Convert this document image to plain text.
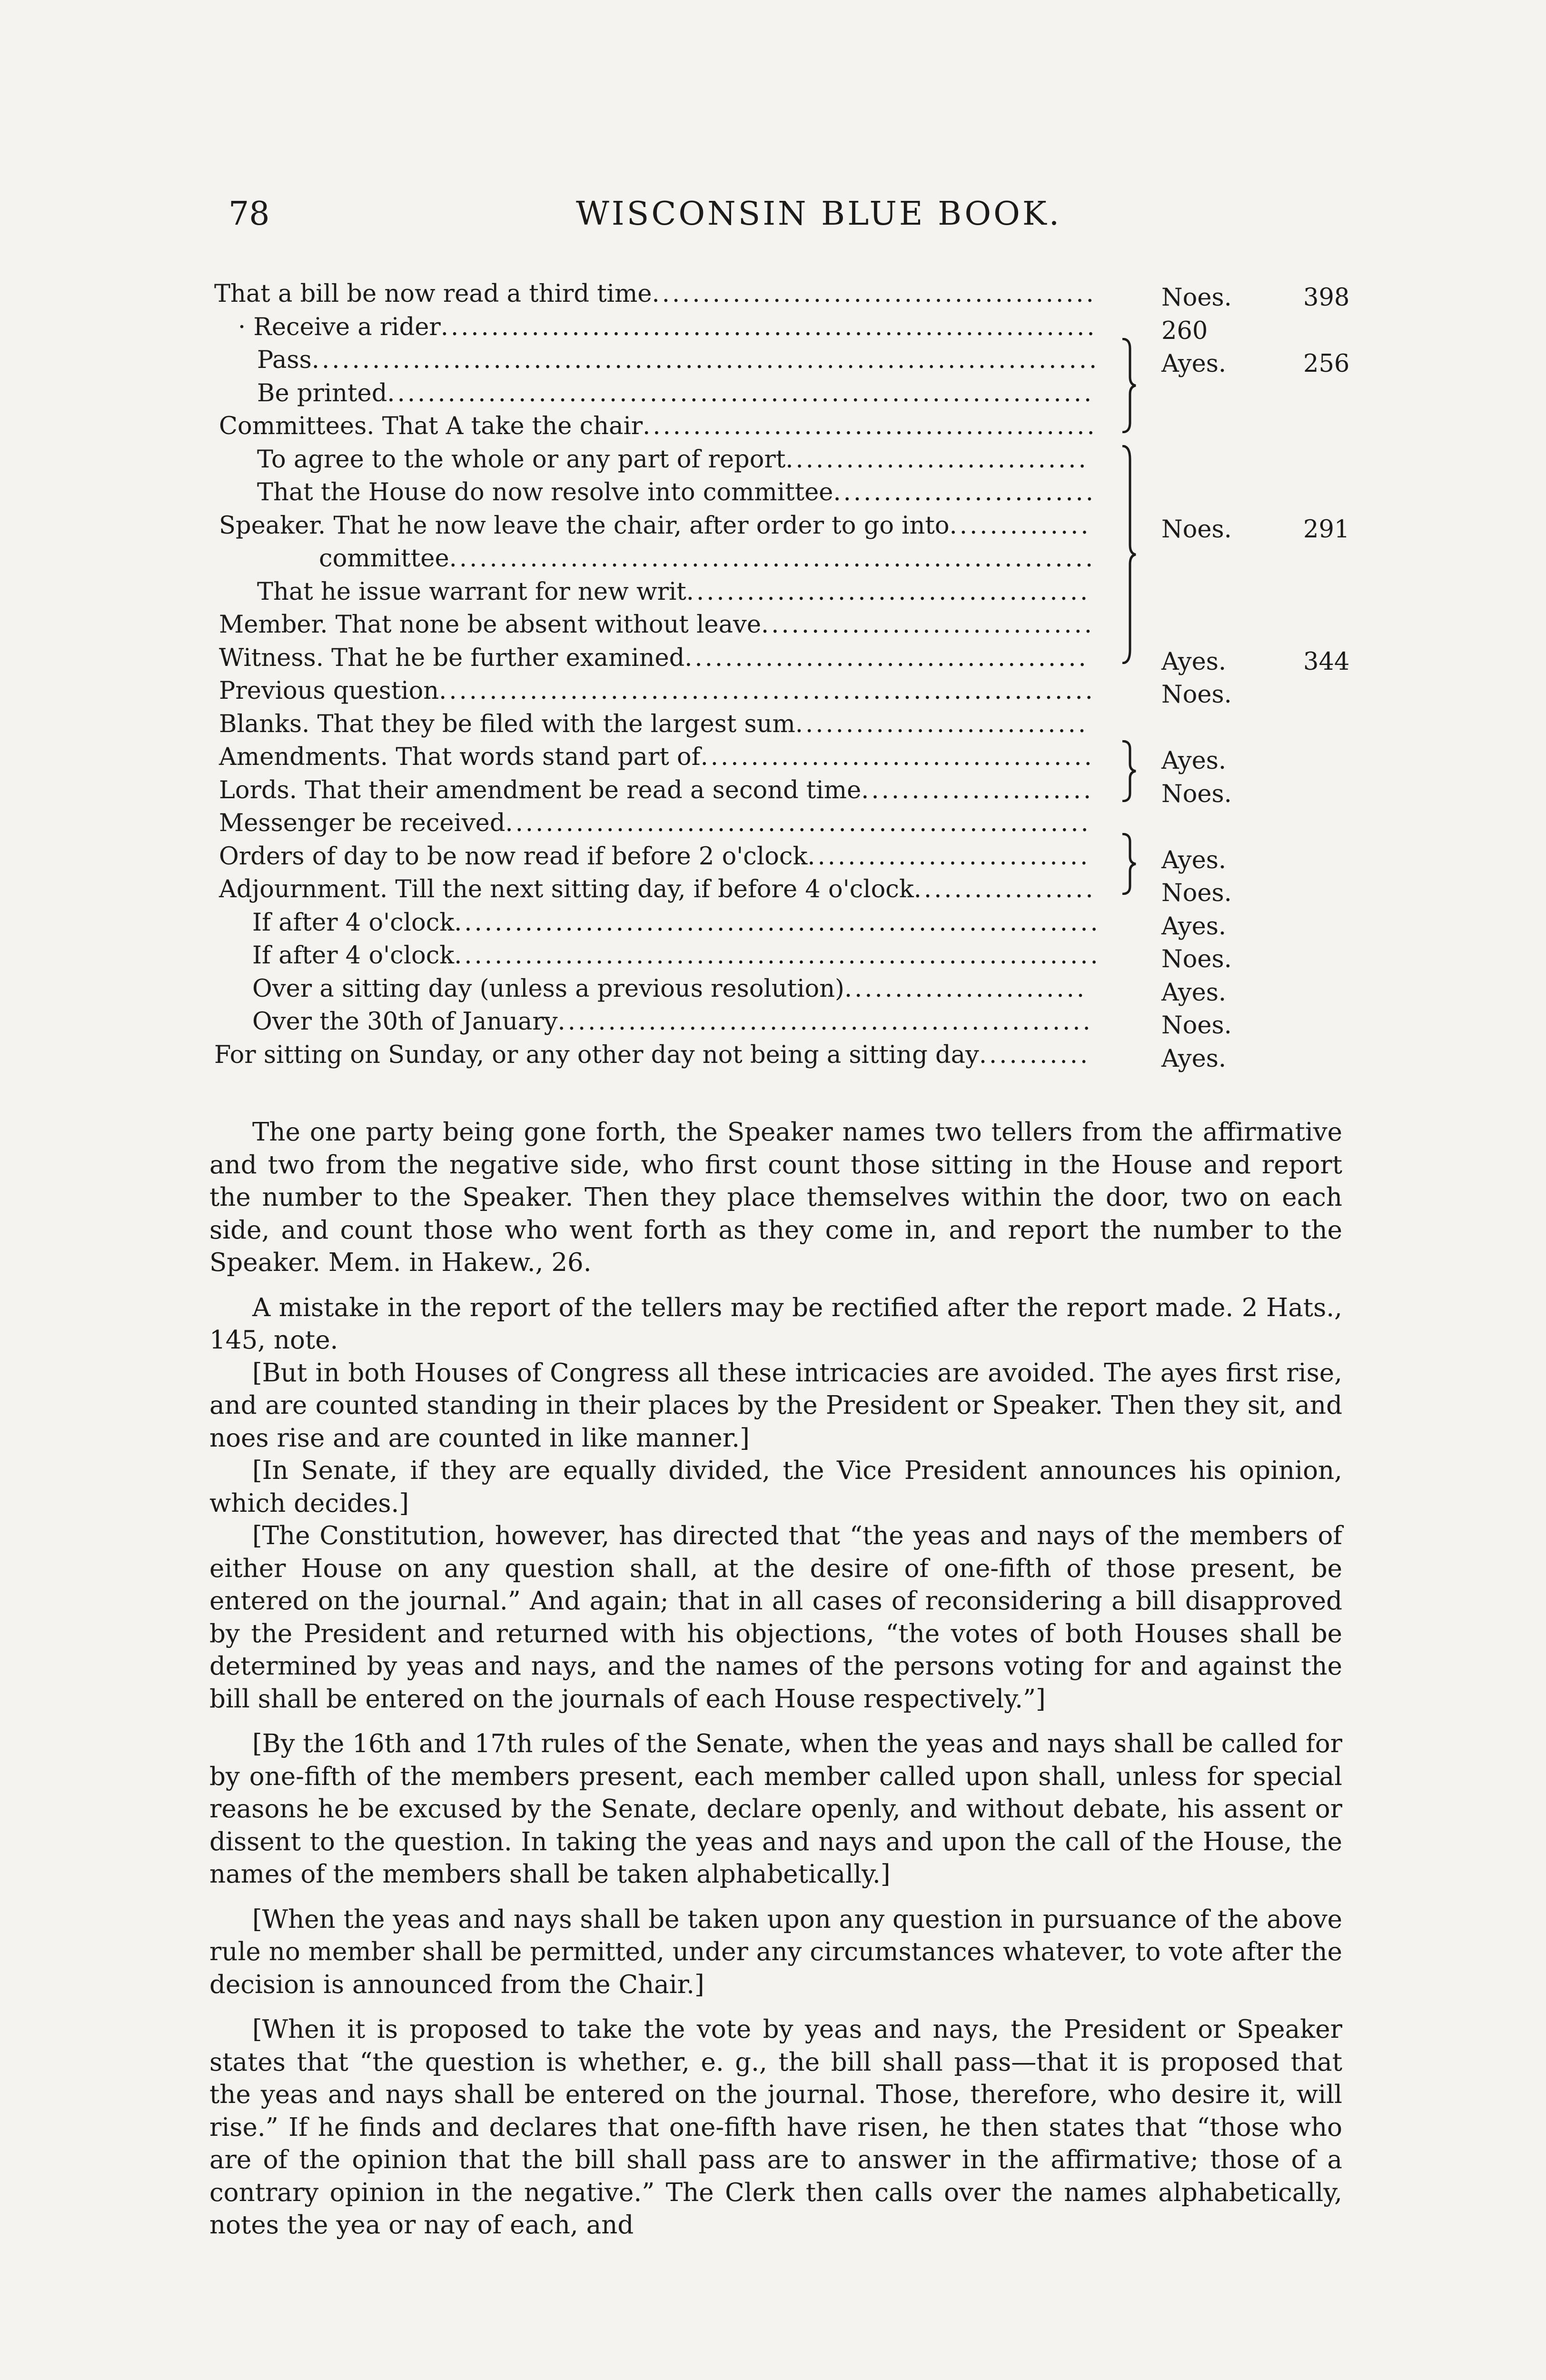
78	WISCONSIN BLUE BOOK.
That a bill be now read a third time............................................	Noes.	398
· Receive a rider.................................................................	260
Pass..............................................................................	Ayes.	256
Be printed......................................................................
Committees. That A take the chair.............................................
To agree to the whole or any part of report..............................
That the House do now resolve into committee..........................
Speaker. That he now leave the chair, after order to go into..............	Noes.	291
committee................................................................
That he issue warrant for new writ........................................
Member. That none be absent without leave.................................
Witness. That he be further examined........................................	Ayes.	344
Previous question.................................................................	Noes.
Blanks. That they be filed with the largest sum.............................
Amendments. That words stand part of.......................................	Ayes.
Lords. That their amendment be read a second time.......................	Noes.
Messenger be received..........................................................
Orders of day to be now read if before 2 o'clock............................	Ayes.
Adjournment. Till the next sitting day, if before 4 o'clock..................	Noes.
If after 4 o'clock................................................................	Ayes.
If after 4 o'clock................................................................	Noes.
Over a sitting day (unless a previous resolution)........................	Ayes.
Over the 30th of January.....................................................	Noes.
For sitting on Sunday, or any other day not being a sitting day...........	Ayes.

The one party being gone forth, the Speaker names two tellers from the affirmative and two from the negative side, who first count those sitting in the House and report the number to the Speaker. Then they place themselves within the door, two on each side, and count those who went forth as they come in, and report the number to the Speaker. Mem. in Hakew., 26.

A mistake in the report of the tellers may be rectified after the report made. 2 Hats., 145, note.

[But in both Houses of Congress all these intricacies are avoided. The ayes first rise, and are counted standing in their places by the President or Speaker. Then they sit, and noes rise and are counted in like manner.]

[In Senate, if they are equally divided, the Vice President announces his opinion, which decides.]

[The Constitution, however, has directed that “the yeas and nays of the members of either House on any question shall, at the desire of one-fifth of those present, be entered on the journal.” And again; that in all cases of reconsidering a bill disapproved by the President and returned with his objections, “the votes of both Houses shall be determined by yeas and nays, and the names of the persons voting for and against the bill shall be entered on the journals of each House respectively.”]

[By the 16th and 17th rules of the Senate, when the yeas and nays shall be called for by one-fifth of the members present, each member called upon shall, unless for special reasons he be excused by the Senate, declare openly, and without debate, his assent or dissent to the question. In taking the yeas and nays and upon the call of the House, the names of the members shall be taken alphabetically.]

[When the yeas and nays shall be taken upon any question in pursuance of the above rule no member shall be permitted, under any circumstances whatever, to vote after the decision is announced from the Chair.]

[When it is proposed to take the vote by yeas and nays, the President or Speaker states that “the question is whether, e. g., the bill shall pass—that it is proposed that the yeas and nays shall be entered on the journal. Those, therefore, who desire it, will rise.” If he finds and declares that one-fifth have risen, he then states that “those who are of the opinion that the bill shall pass are to answer in the affirmative; those of a contrary opinion in the negative.” The Clerk then calls over the names alphabetically, notes the yea or nay of each, and
